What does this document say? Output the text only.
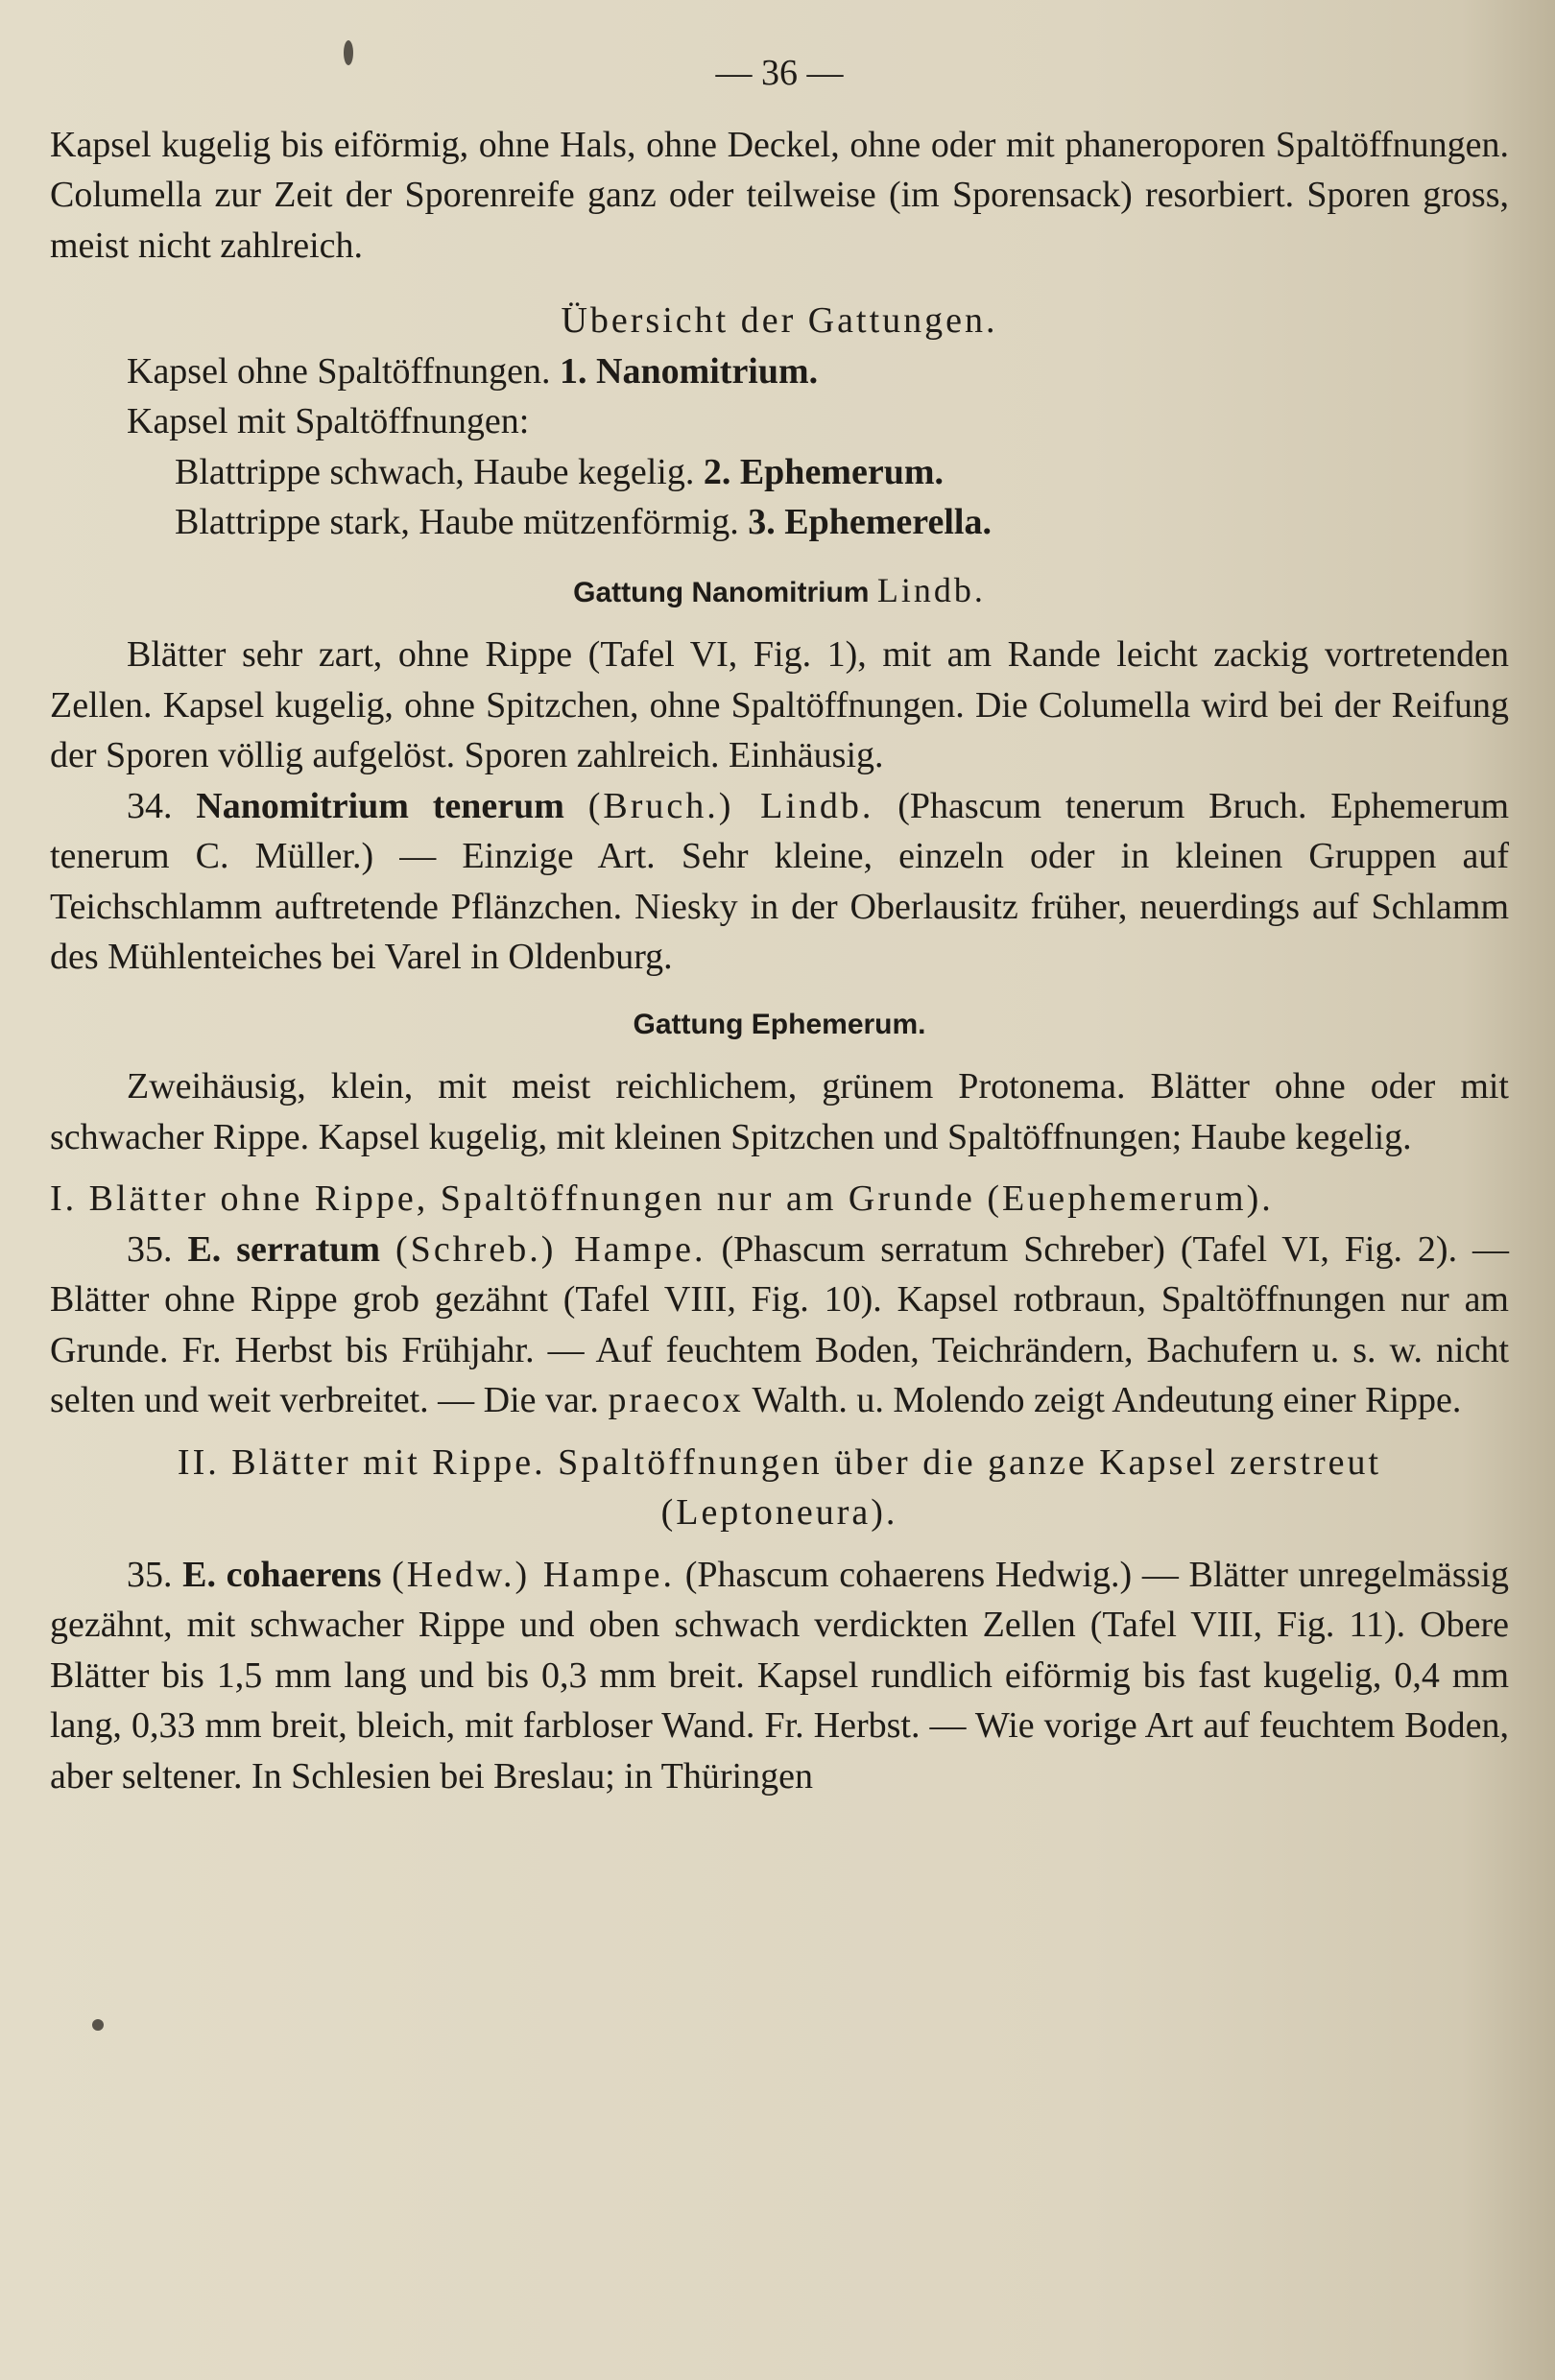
— 36 —

Kapsel kugelig bis eiförmig, ohne Hals, ohne Deckel, ohne oder mit phaneroporen Spaltöffnungen. Columella zur Zeit der Sporenreife ganz oder teilweise (im Sporensack) resorbiert. Sporen gross, meist nicht zahlreich.

Übersicht der Gattungen.

Kapsel ohne Spaltöffnungen. 1. Nanomitrium.

Kapsel mit Spaltöffnungen:

Blattrippe schwach, Haube kegelig. 2. Ephemerum.

Blattrippe stark, Haube mützenförmig. 3. Ephemerella.

Gattung Nanomitrium Lindb.

Blätter sehr zart, ohne Rippe (Tafel VI, Fig. 1), mit am Rande leicht zackig vortretenden Zellen. Kapsel kugelig, ohne Spitzchen, ohne Spaltöffnungen. Die Columella wird bei der Reifung der Sporen völlig aufgelöst. Sporen zahlreich. Einhäusig.

34. Nanomitrium tenerum (Bruch.) Lindb. (Phascum tenerum Bruch. Ephemerum tenerum C. Müller.) — Einzige Art. Sehr kleine, einzeln oder in kleinen Gruppen auf Teichschlamm auftretende Pflänzchen. Niesky in der Oberlausitz früher, neuerdings auf Schlamm des Mühlenteiches bei Varel in Oldenburg.

Gattung Ephemerum.

Zweihäusig, klein, mit meist reichlichem, grünem Protonema. Blätter ohne oder mit schwacher Rippe. Kapsel kugelig, mit kleinen Spitzchen und Spaltöffnungen; Haube kegelig.

I. Blätter ohne Rippe, Spaltöffnungen nur am Grunde (Euephemerum).

35. E. serratum (Schreb.) Hampe. (Phascum serratum Schreber) (Tafel VI, Fig. 2). — Blätter ohne Rippe grob gezähnt (Tafel VIII, Fig. 10). Kapsel rotbraun, Spaltöffnungen nur am Grunde. Fr. Herbst bis Frühjahr. — Auf feuchtem Boden, Teichrändern, Bachufern u. s. w. nicht selten und weit verbreitet. — Die var. praecox Walth. u. Molendo zeigt Andeutung einer Rippe.

II. Blätter mit Rippe. Spaltöffnungen über die ganze Kapsel zerstreut (Leptoneura).

35. E. cohaerens (Hedw.) Hampe. (Phascum cohaerens Hedwig.) — Blätter unregelmässig gezähnt, mit schwacher Rippe und oben schwach verdickten Zellen (Tafel VIII, Fig. 11). Obere Blätter bis 1,5 mm lang und bis 0,3 mm breit. Kapsel rundlich eiförmig bis fast kugelig, 0,4 mm lang, 0,33 mm breit, bleich, mit farbloser Wand. Fr. Herbst. — Wie vorige Art auf feuchtem Boden, aber seltener. In Schlesien bei Breslau; in Thüringen
